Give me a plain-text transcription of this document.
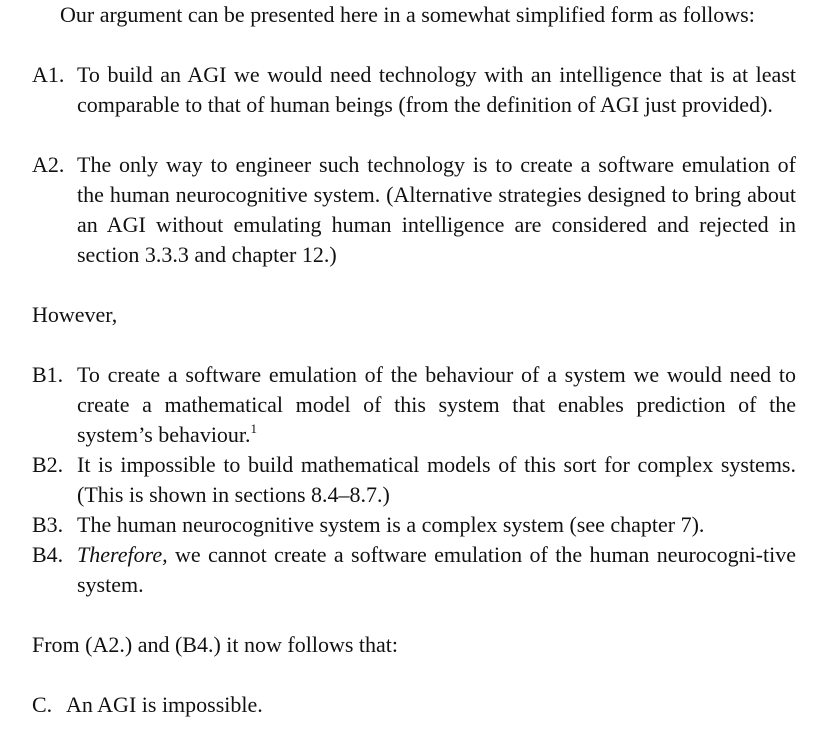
Our argument can be presented here in a somewhat simplified form as follows:
A1. To build an AGI we would need technology with an intelligence that is at least comparable to that of human beings (from the definition of AGI just provided).
A2. The only way to engineer such technology is to create a software emulation of the human neurocognitive system. (Alternative strategies designed to bring about an AGI without emulating human intelligence are considered and rejected in section 3.3.3 and chapter 12.)
However,
B1. To create a software emulation of the behaviour of a system we would need to create a mathematical model of this system that enables prediction of the system’s behaviour.$^1$
B2. It is impossible to build mathematical models of this sort for complex systems. (This is shown in sections 8.4–8.7.)
B3. The human neurocognitive system is a complex system (see chapter 7).
B4. Therefore, we cannot create a software emulation of the human neurocogni-tive system.
From (A2.) and (B4.) it now follows that:
C. An AGI is impossible.
